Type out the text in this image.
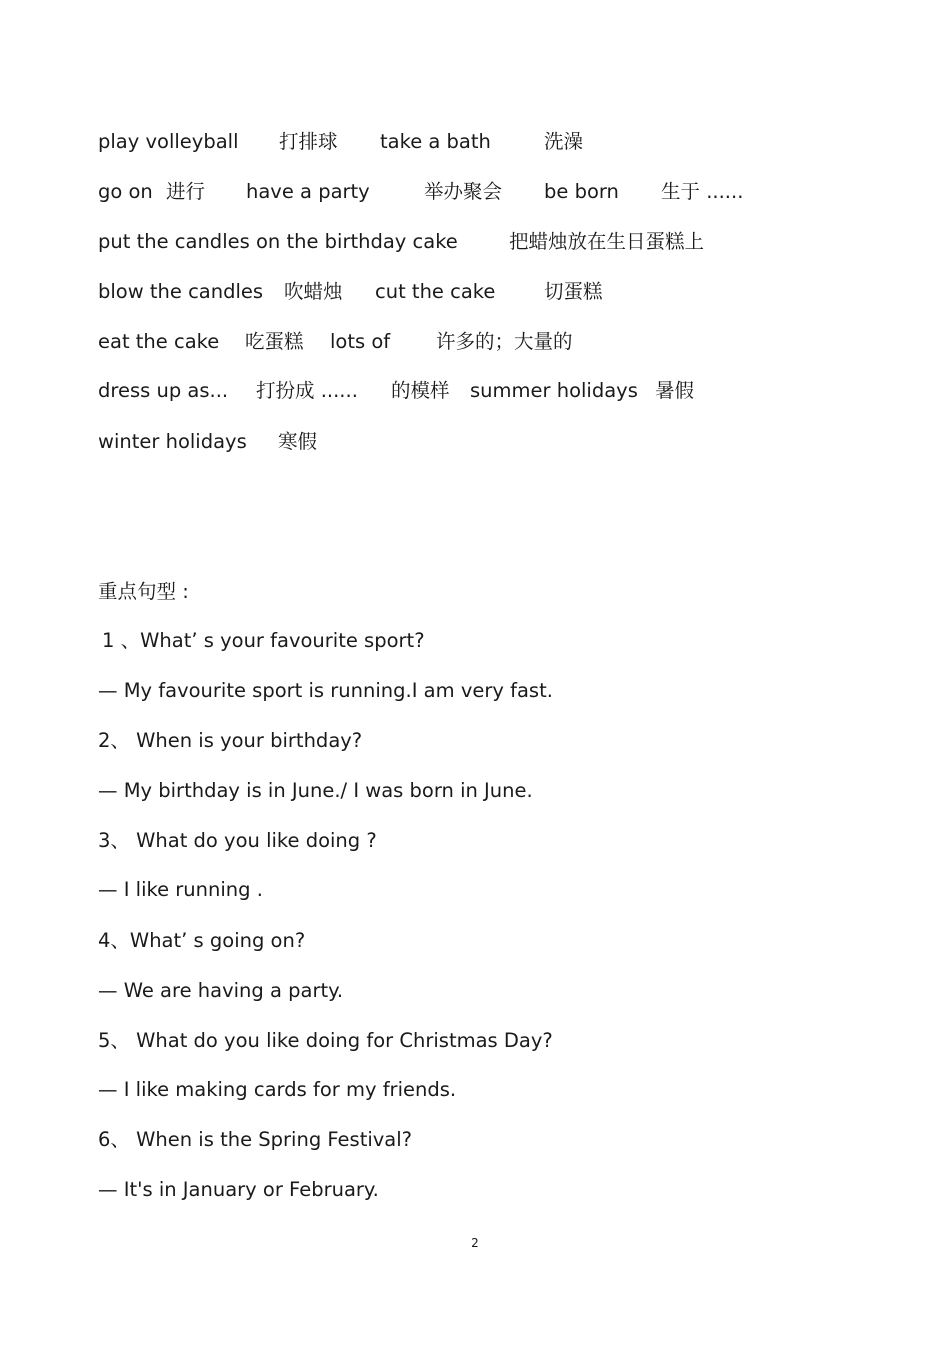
play volleyball 打排球 take a bath	洗澡
go on 进行 have a party	举办聚会 be born 生于 ......
put the candles on the birthday cake	把蜡烛放在生日蛋糕上
blow the candles 吹蜡烛 cut the cake 切蛋糕
eat the cake 吃蛋糕 lots of 许多的；大量的
dress up as... 打扮成 ...... 的模样 summer holidays 暑假
winter holidays 寒假
重点句型 :
1 、What’ s your favourite sport?
— My favourite sport is running.I am very fast.
2、 When is your birthday?
— My birthday is in June./ I was born in June.
3、 What do you like doing ?
— I like running .
4、What’ s going on?
— We are having a party.
5、 What do you like doing for Christmas Day?
— I like making cards for my friends.
6、 When is the Spring Festival?
— It's in January or February.
2
